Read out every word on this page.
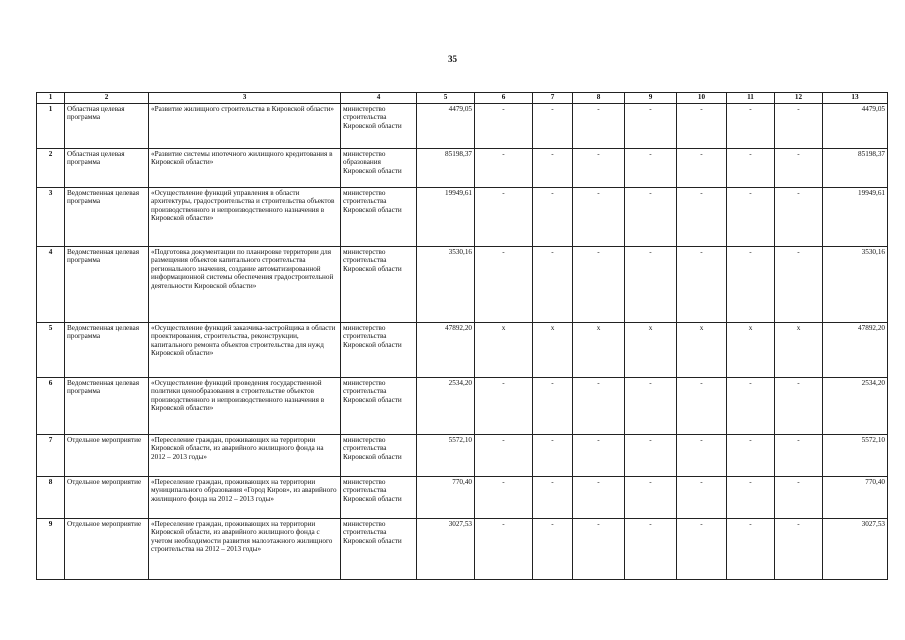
35
1	2	3	4	5	6	7	8	9	10	11	12	13
1	Областная целевая программа	«Развитие жилищного строительства в Кировской области»	министерство строительства Кировской области	4479,05	-	-	-	-	-	-	-	4479,05
2	Областная целевая программа	«Развитие системы ипотечного жилищного кредитования в Кировской области»	министерство образования Кировской области	85198,37	-	-	-	-	-	-	-	85198,37
3	Ведомственная целевая программа	«Осуществление функций управления в области архитектуры, градостроительства и строительства объектов производственного и непроизводственного назначения в Кировской области»	министерство строительства Кировской области	19949,61	-	-	-	-	-	-	-	19949,61
4	Ведомственная целевая программа	«Подготовка документации по планировке территории для размещения объектов капитального строительства регионального значения, создание автоматизированной информационной системы обеспечения градостроительной деятельности Кировской области»	министерство строительства Кировской области	3530,16	-	-	-	-	-	-	-	3530,16
5	Ведомственная целевая программа	«Осуществление функций заказчика-застройщика в области проектирования, строительства, реконструкции, капитального ремонта объектов строительства для нужд Кировской области»	министерство строительства Кировской области	47892,20	x	x	x	x	x	x	x	47892,20
6	Ведомственная целевая программа	«Осуществление функций проведения государственной политики ценообразования в строительстве объектов производственного и непроизводственного назначения в Кировской области»	министерство строительства Кировской области	2534,20	-	-	-	-	-	-	-	2534,20
7	Отдельное мероприятие	«Переселение граждан, проживающих на территории Кировской области, из аварийного жилищного фонда на 2012 – 2013 годы»	министерство строительства Кировской области	5572,10	-	-	-	-	-	-	-	5572,10
8	Отдельное мероприятие	«Переселение граждан, проживающих на территории муниципального образования «Город Киров», из аварийного жилищного фонда на 2012 – 2013 годы»	министерство строительства Кировской области	770,40	-	-	-	-	-	-	-	770,40
9	Отдельное мероприятие	«Переселение граждан, проживающих на территории Кировской области, из аварийного жилищного фонда с учетом необходимости развития малоэтажного жилищного строительства на 2012 – 2013 годы»	министерство строительства Кировской области	3027,53	-	-	-	-	-	-	-	3027,53
